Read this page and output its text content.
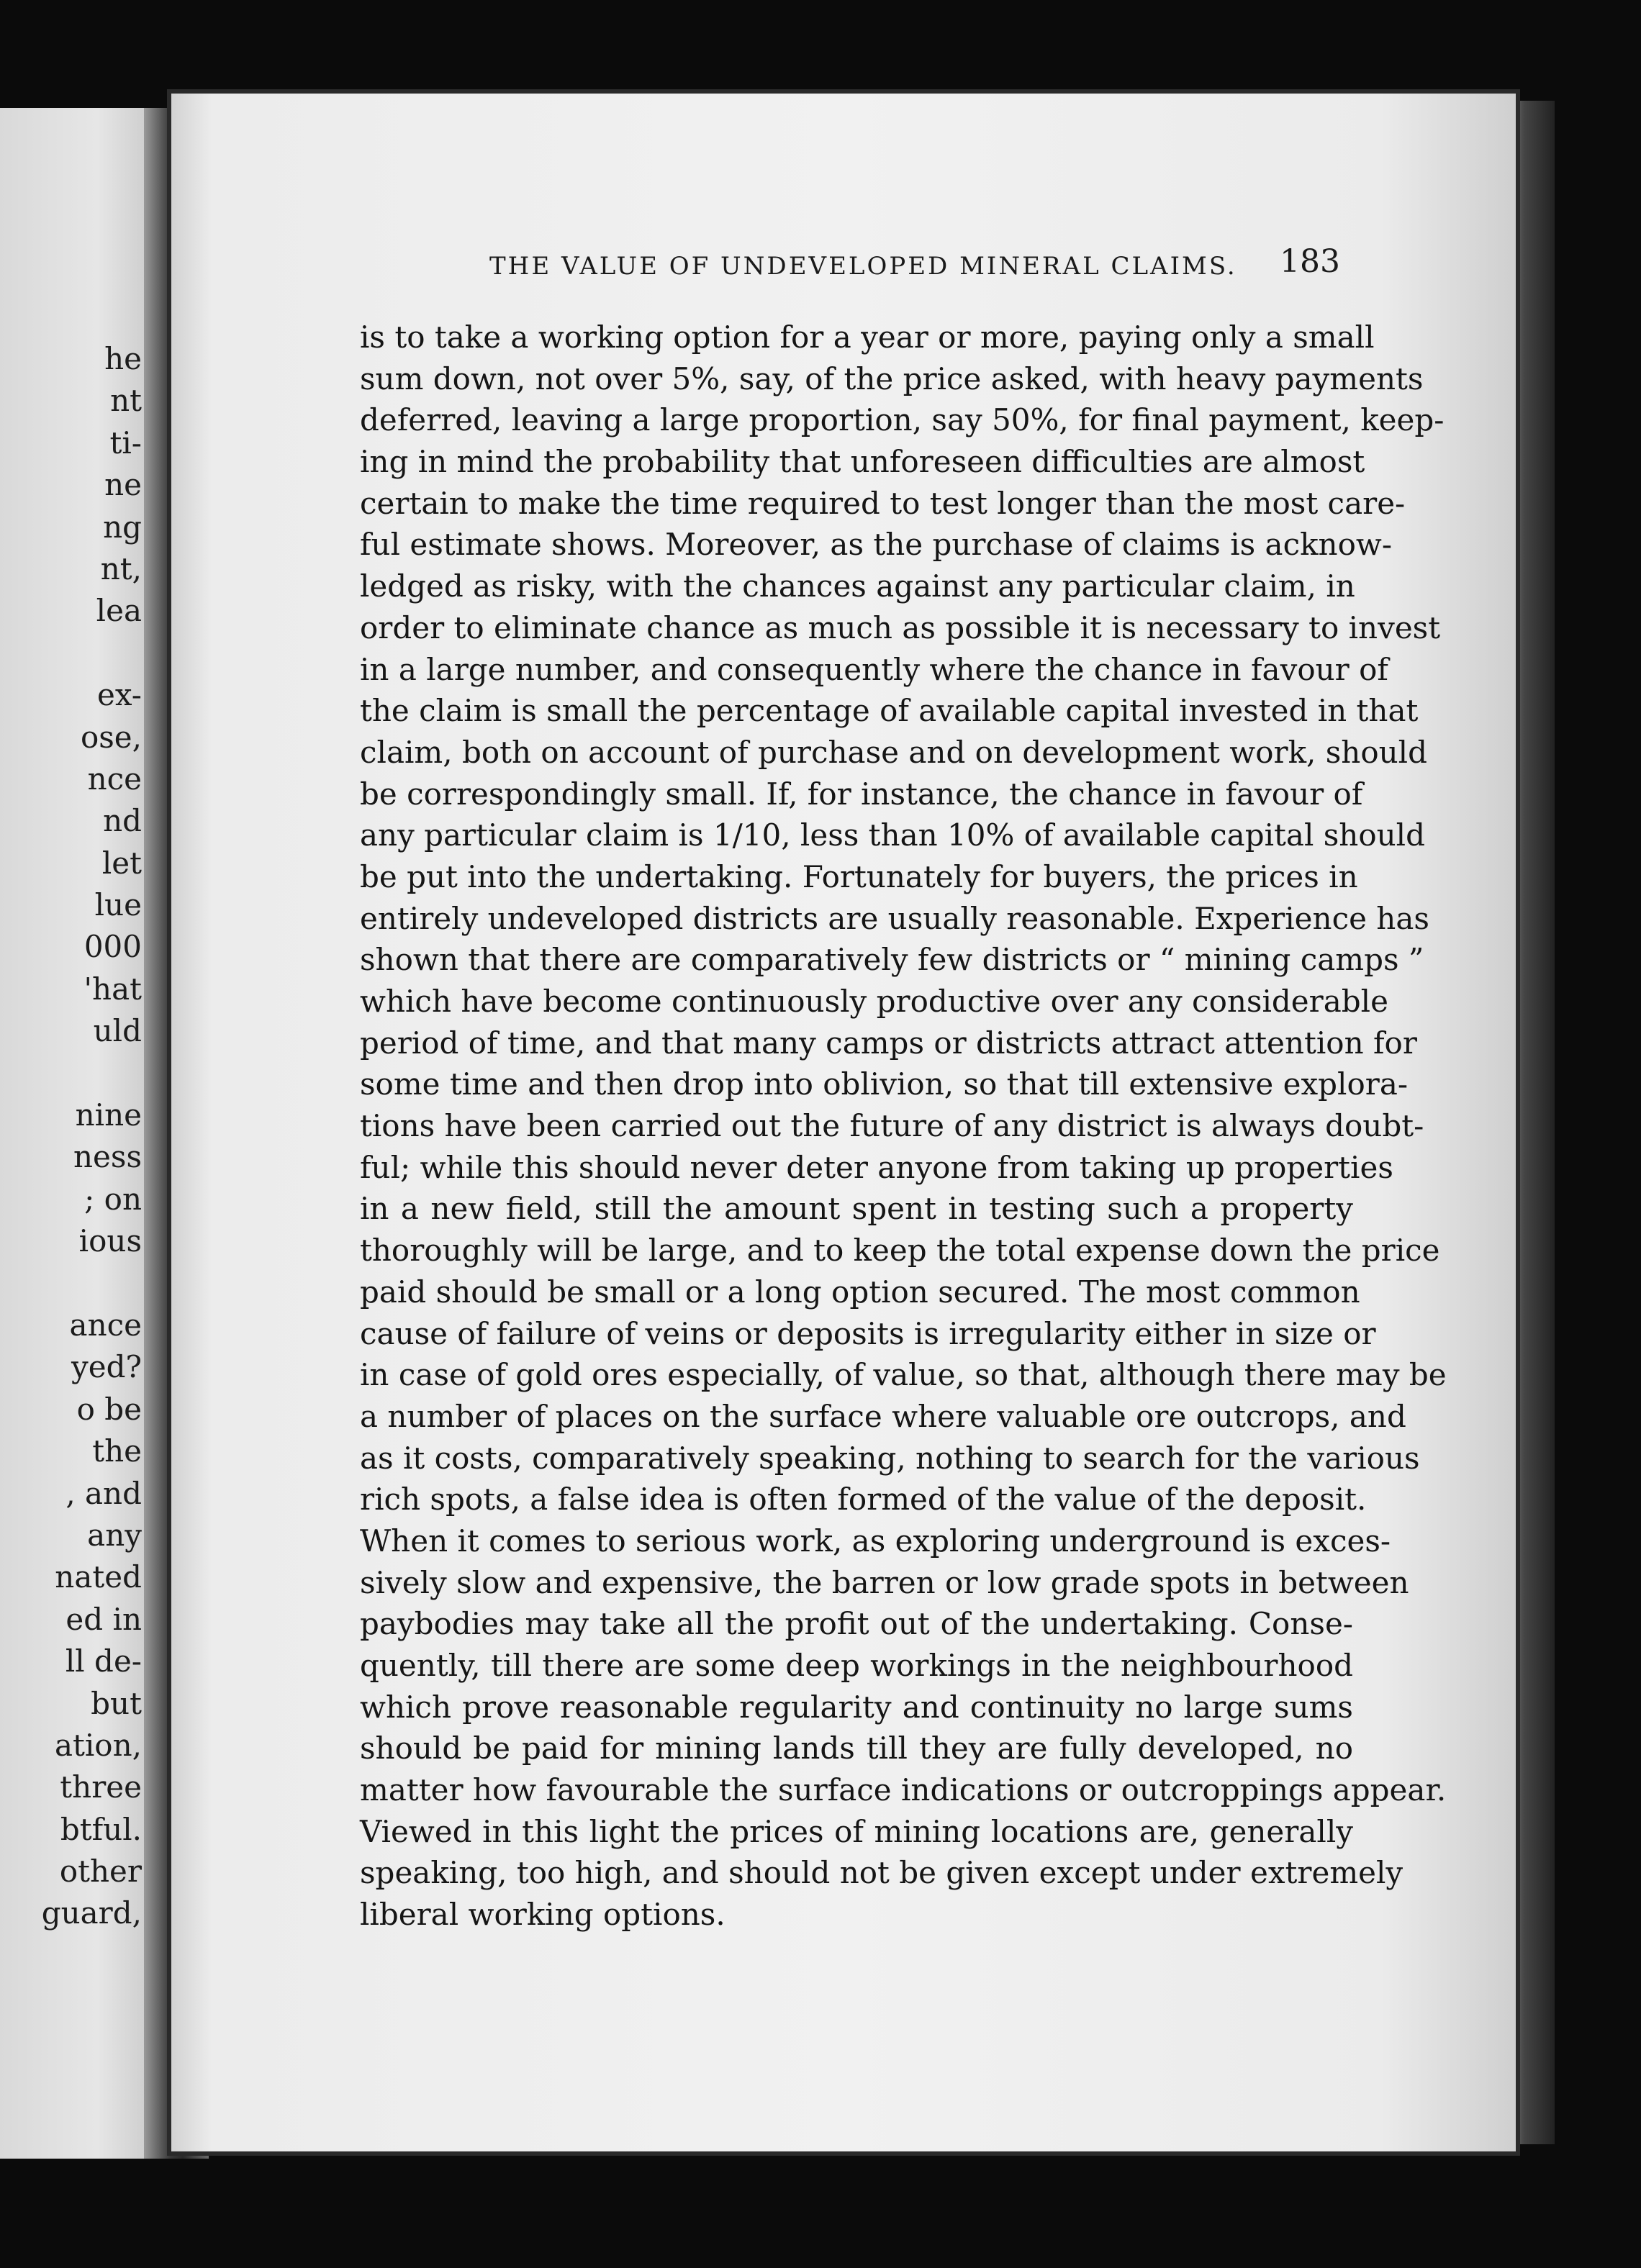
he
nt
ti-
ne
ng
nt,
lea
ex-
ose,
nce
nd
let
lue
000
'hat
uld
nine
ness
; on
ious
ance
yed?
o be
the
, and
any
nated
ed in
ll de-
but
ation,
three
btful.
other
guard,
THE VALUE OF UNDEVELOPED MINERAL CLAIMS.	183
is to take a working option for a year or more, paying only a small
sum down, not over 5%, say, of the price asked, with heavy payments
deferred, leaving a large proportion, say 50%, for final payment, keep-
ing in mind the probability that unforeseen difficulties are almost
certain to make the time required to test longer than the most care-
ful estimate shows. Moreover, as the purchase of claims is acknow-
ledged as risky, with the chances against any particular claim, in
order to eliminate chance as much as possible it is necessary to invest
in a large number, and consequently where the chance in favour of
the claim is small the percentage of available capital invested in that
claim, both on account of purchase and on development work, should
be correspondingly small. If, for instance, the chance in favour of
any particular claim is 1/10, less than 10% of available capital should
be put into the undertaking. Fortunately for buyers, the prices in
entirely undeveloped districts are usually reasonable. Experience has
shown that there are comparatively few districts or “ mining camps ”
which have become continuously productive over any considerable
period of time, and that many camps or districts attract attention for
some time and then drop into oblivion, so that till extensive explora-
tions have been carried out the future of any district is always doubt-
ful; while this should never deter anyone from taking up properties
in a new field, still the amount spent in testing such a property
thoroughly will be large, and to keep the total expense down the price
paid should be small or a long option secured. The most common
cause of failure of veins or deposits is irregularity either in size or
in case of gold ores especially, of value, so that, although there may be
a number of places on the surface where valuable ore outcrops, and
as it costs, comparatively speaking, nothing to search for the various
rich spots, a false idea is often formed of the value of the deposit.
When it comes to serious work, as exploring underground is exces-
sively slow and expensive, the barren or low grade spots in between
paybodies may take all the profit out of the undertaking. Conse-
quently, till there are some deep workings in the neighbourhood
which prove reasonable regularity and continuity no large sums
should be paid for mining lands till they are fully developed, no
matter how favourable the surface indications or outcroppings appear.
Viewed in this light the prices of mining locations are, generally
speaking, too high, and should not be given except under extremely
liberal working options.
